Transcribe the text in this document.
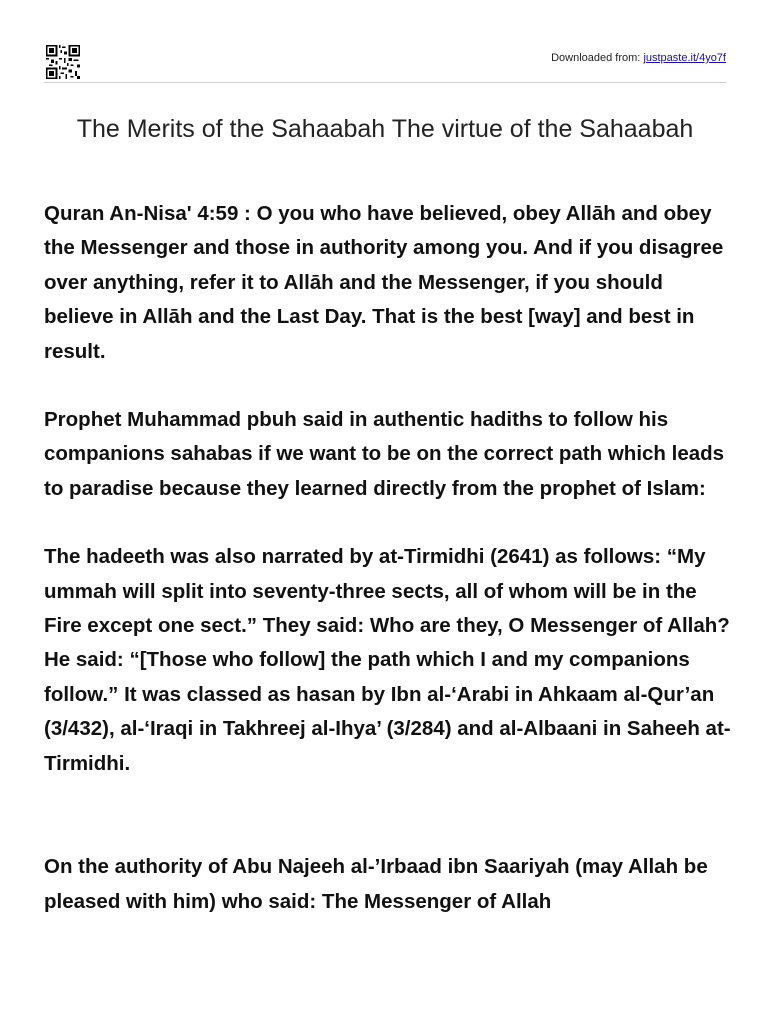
Downloaded from: justpaste.it/4yo7f
The Merits of the Sahaabah The virtue of the Sahaabah

Quran An-Nisa' 4:59 : O you who have believed, obey Allāh and obey the Messenger and those in authority among you. And if you disagree over anything, refer it to Allāh and the Messenger, if you should believe in Allāh and the Last Day. That is the best [way] and best in result.

Prophet Muhammad pbuh said in authentic hadiths to follow his companions sahabas if we want to be on the correct path which leads to paradise because they learned directly from the prophet of Islam:

The hadeeth was also narrated by at-Tirmidhi (2641) as follows: “My ummah will split into seventy-three sects, all of whom will be in the Fire except one sect.” They said: Who are they, O Messenger of Allah? He said: “[Those who follow] the path which I and my companions follow.” It was classed as hasan by Ibn al-‘Arabi in Ahkaam al-Qur’an (3/432), al-‘Iraqi in Takhreej al-Ihya’ (3/284) and al-Albaani in Saheeh at-Tirmidhi.

On the authority of Abu Najeeh al-’Irbaad ibn Saariyah (may Allah be pleased with him) who said: The Messenger of Allah
